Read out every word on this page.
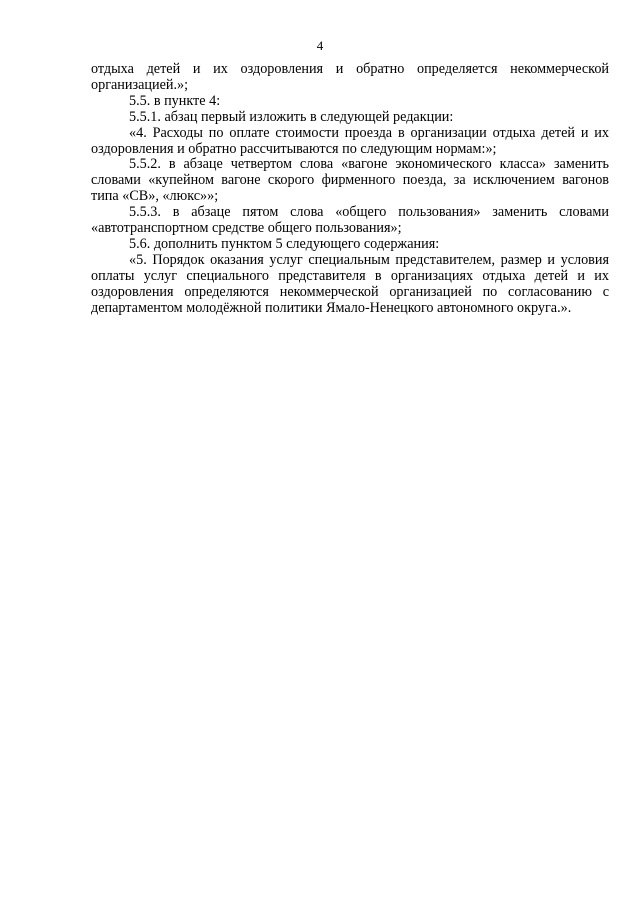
4

отдыха детей и их оздоровления и обратно определяется некоммерческой организацией.»;

5.5. в пункте 4:

5.5.1. абзац первый изложить в следующей редакции:

«4. Расходы по оплате стоимости проезда в организации отдыха детей и их оздоровления и обратно рассчитываются по следующим нормам:»;

5.5.2. в абзаце четвертом слова «вагоне экономического класса» заменить словами «купейном вагоне скорого фирменного поезда, за исключением вагонов типа «СВ», «люкс»»;

5.5.3. в абзаце пятом слова «общего пользования» заменить словами «автотранспортном средстве общего пользования»;

5.6. дополнить пунктом 5 следующего содержания:

«5. Порядок оказания услуг специальным представителем, размер и условия оплаты услуг специального представителя в организациях отдыха детей и их оздоровления определяются некоммерческой организацией по согласованию с департаментом молодёжной политики Ямало-Ненецкого автономного округа.».
